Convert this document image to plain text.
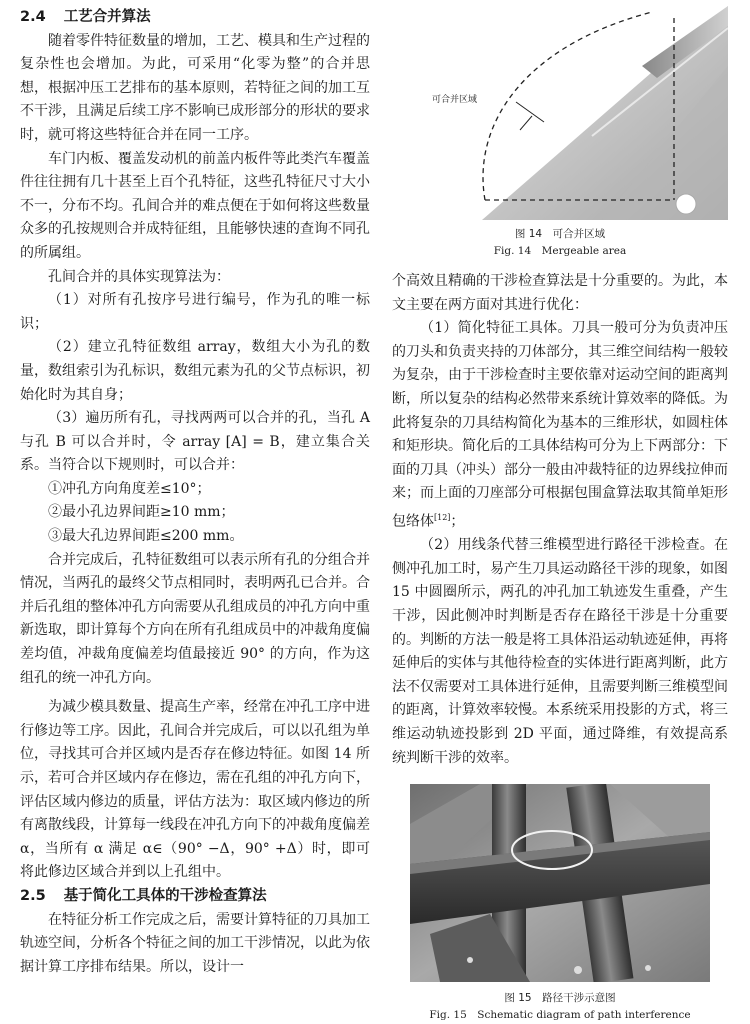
2.4 工艺合并算法

随着零件特征数量的增加，工艺、模具和生产过程的复杂性也会增加。为此，可采用“化零为整”的合并思想，根据冲压工艺排布的基本原则，若特征之间的加工互不干涉，且满足后续工序不影响已成形部分的形状的要求时，就可将这些特征合并在同一工序。

车门内板、覆盖发动机的前盖内板件等此类汽车覆盖件往往拥有几十甚至上百个孔特征，这些孔特征尺寸大小不一，分布不均。孔间合并的难点便在于如何将这些数量众多的孔按规则合并成特征组，且能够快速的查询不同孔的所属组。

孔间合并的具体实现算法为：

（1）对所有孔按序号进行编号，作为孔的唯一标识；

（2）建立孔特征数组 array，数组大小为孔的数量，数组索引为孔标识，数组元素为孔的父节点标识，初始化时为其自身；

（3）遍历所有孔，寻找两两可以合并的孔，当孔 A 与孔 B 可以合并时，令 array [A] = B，建立集合关系。当符合以下规则时，可以合并：

①冲孔方向角度差≤10°；
②最小孔边界间距≥10 mm；
③最大孔边界间距≤200 mm。

合并完成后，孔特征数组可以表示所有孔的分组合并情况，当两孔的最终父节点相同时，表明两孔已合并。合并后孔组的整体冲孔方向需要从孔组成员的冲孔方向中重新选取，即计算每个方向在所有孔组成员中的冲裁角度偏差均值，冲裁角度偏差均值最接近 90° 的方向，作为这组孔的统一冲孔方向。

为减少模具数量、提高生产率，经常在冲孔工序中进行修边等工序。因此，孔间合并完成后，可以以孔组为单位，寻找其可合并区域内是否存在修边特征。如图 14 所示，若可合并区域内存在修边，需在孔组的冲孔方向下，评估区域内修边的质量，评估方法为：取区域内修边的所有离散线段，计算每一线段在冲孔方向下的冲裁角度偏差 α，当所有 α 满足 α∈（90° −Δ，90° +Δ）时，即可将此修边区域合并到以上孔组中。

2.5 基于简化工具体的干涉检查算法

在特征分析工作完成之后，需要计算特征的刀具加工轨迹空间，分析各个特征之间的加工干涉情况，以此为依据计算工序排布结果。所以，设计一

可合并区域
图 14　可合并区域
Fig. 14　Mergeable area

个高效且精确的干涉检查算法是十分重要的。为此，本文主要在两方面对其进行优化：

（1）简化特征工具体。刀具一般可分为负责冲压的刀头和负责夹持的刀体部分，其三维空间结构一般较为复杂，由于干涉检查时主要依靠对运动空间的距离判断，所以复杂的结构必然带来系统计算效率的降低。为此将复杂的刀具结构简化为基本的三维形状，如圆柱体和矩形块。简化后的工具体结构可分为上下两部分：下面的刀具（冲头）部分一般由冲裁特征的边界线拉伸而来；而上面的刀座部分可根据包围盒算法取其简单矩形包络体[12]；

（2）用线条代替三维模型进行路径干涉检查。在侧冲孔加工时，易产生刀具运动路径干涉的现象，如图 15 中圆圈所示，两孔的冲孔加工轨迹发生重叠，产生干涉，因此侧冲时判断是否存在路径干涉是十分重要的。判断的方法一般是将工具体沿运动轨迹延伸，再将延伸后的实体与其他待检查的实体进行距离判断，此方法不仅需要对工具体进行延伸，且需要判断三维模型间的距离，计算效率较慢。本系统采用投影的方式，将三维运动轨迹投影到 2D 平面，通过降维，有效提高系统判断干涉的效率。

图 15　路径干涉示意图
Fig. 15　Schematic diagram of path interference
